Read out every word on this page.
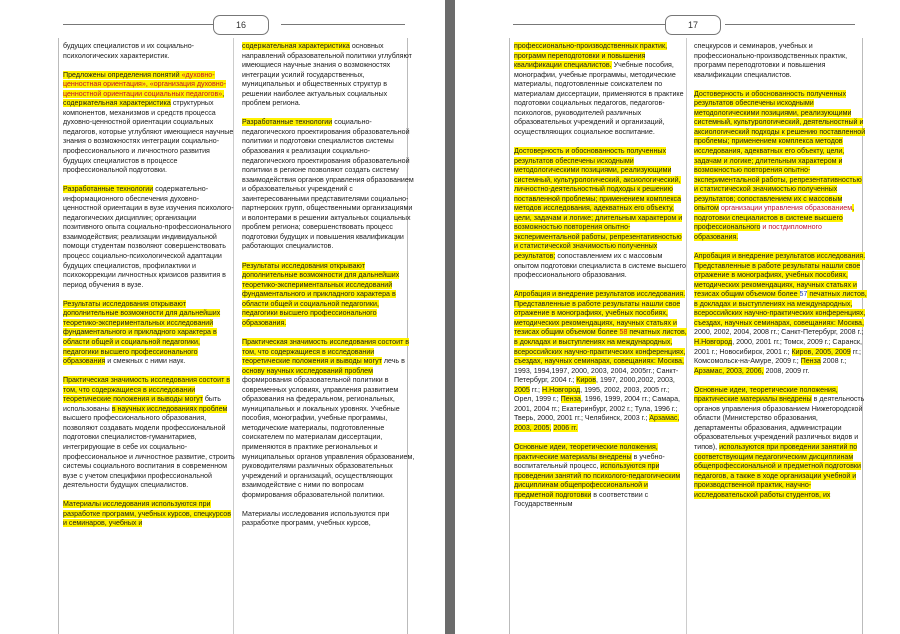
16

будущих специалистов и их социально-психологических характеристик.

Предложены определения понятий «духовно-ценностная ориентация», «организация духовно-ценностной ориентации социальных педагогов», содержательная характеристика структурных компонентов, механизмов и средств процесса духовно-ценностной ориентации социальных педагогов, которые углубляют имеющиеся научные знания о возможностях интеграции социально-профессионального и личностного развития будущих специалистов в процессе профессиональной подготовки.

Разработанные технологии содержательно-информационного обеспечения духовно-ценностной ориентации в вузе изучения психолого-педагогических дисциплин; организации позитивного опыта социально-профессионального взаимодействия; реализации индивидуальной помощи студентам позволяют совершенствовать процесс социально-психологической адаптации будущих специалистов, профилактики и психокоррекции личностных кризисов развития в период обучения в вузе.

Результаты исследования открывают дополнительные возможности для дальнейших теоретико-экспериментальных исследований фундаментального и прикладного характера в области общей и социальной педагогики, педагогики высшего профессионального образования и смежных с ними наук.

Практическая значимость исследования состоит в том, что содержащиеся в исследовании теоретические положения и выводы могут быть использованы в научных исследованиях проблем высшего профессионального образования, позволяют создавать модели профессиональной подготовки специалистов-гуманитариев, интегрирующие в себе их социально-профессиональное и личностное развитие, строить системы социального воспитания в современном вузе с учетом специфики профессиональной деятельности будущих специалистов.

Материалы исследования используются при разработке программ, учебных курсов, спецкурсов и семинаров, учебных и

содержательная характеристика основных направлений образовательной политики углубляют имеющиеся научные знания о возможностях интеграции усилий государственных, муниципальных и общественных структур в решении наиболее актуальных социальных проблем региона.

Разработанные технологии социально-педагогического проектирования образовательной политики и подготовки специалистов системы образования к реализации социально-педагогического проектирования образовательной политики в регионе позволяют создать систему взаимодействия органов управления образованием и образовательных учреждений с заинтересованными представителями социально-партнерских групп, общественными организациями и волонтерами в решении актуальных социальных проблем региона; совершенствовать процесс подготовки будущих и повышения квалификации работающих специалистов.

Результаты исследования открывают дополнительные возможности для дальнейших теоретико-экспериментальных исследований фундаментального и прикладного характера в области общей и социальной педагогики, педагогики высшего профессионального образования.

Практическая значимость исследования состоит в том, что содержащиеся в исследовании теоретические положения и выводы могут лечь в основу научных исследований проблем формирования образовательной политики в современных условиях, управления развитием образования на федеральном, региональных, муниципальных и локальных уровнях. Учебные пособия, монографии, учебные программы, методические материалы, подготовленные соискателем по материалам диссертации, применяются в практике региональных и муниципальных органов управления образованием, руководителями различных образовательных учреждений и организаций, осуществляющих взаимодействие с ними по вопросам формирования образовательной политики.

Материалы исследования используются при разработке программ, учебных курсов,

17

профессионально-производственных практик, программ переподготовки и повышения квалификации специалистов. Учебные пособия, монографии, учебные программы, методические материалы, подготовленные соискателем по материалам диссертации, применяются в практике подготовки социальных педагогов, педагогов-психологов, руководителей различных образовательных учреждений и организаций, осуществляющих социальное воспитание.

Достоверность и обоснованность полученных результатов обеспечены исходными методологическими позициями, реализующими системный, культурологический, аксиологический, личностно-деятельностный подходы к решению поставленной проблемы; применением комплекса методов исследования, адекватных его объекту, цели, задачам и логике; длительным характером и возможностью повторения опытно-экспериментальной работы, репрезентативностью и статистической значимостью полученных результатов; сопоставлением их с массовым опытом подготовки специалиста в системе высшего профессионального образования.

Апробация и внедрение результатов исследования. Представленные в работе результаты нашли свое отражение в монографиях, учебных пособиях, методических рекомендациях, научных статьях и тезисах общим объемом более 58 печатных листов, в докладах и выступлениях на международных, всероссийских научно-практических конференциях, съездах, научных семинарах, совещаниях: Москва, 1993, 1994,1997, 2000, 2003, 2004, 2005гг.; Санкт-Петербург, 2004 г.; Киров, 1997, 2000,2002, 2003, 2005 гг.; Н.Новгород, 1995, 2002, 2003, 2005 гг.; Орел, 1999 г.; Пенза, 1996, 1999, 2004 гг.; Самара, 2001, 2004 гг.; Екатеринбург, 2002 г.; Тула, 1996 г.; Тверь, 2000, 2001 гг.; Челябинск, 2003 г.; Арзамас, 2003, 2005, 2006 гг.

Основные идеи, теоретические положения, практические материалы внедрены в учебно-воспитательный процесс, используются при проведении занятий по психолого-педагогическим дисциплинам общепрофессиональной и предметной подготовки в соответствии с Государственным

спецкурсов и семинаров, учебных и профессионально-производственных практик, программ переподготовки и повышения квалификации специалистов.

Достоверность и обоснованность полученных результатов обеспечены исходными методологическими позициями, реализующими системный, культурологический, деятельностный и аксиологический подходы к решению поставленной проблемы; применением комплекса методов исследования, адекватных его объекту, цели, задачам и логике; длительным характером и возможностью повторения опытно-экспериментальной работы, репрезентативностью и статистической значимостью полученных результатов; сопоставлением их с массовым опытом организации управления образованием, подготовки специалистов в системе высшего профессионального и постдипломного образования.

Апробация и внедрение результатов исследования. Представленные в работе результаты нашли свое отражение в монографиях, учебных пособиях, методических рекомендациях, научных статьях и тезисах общим объемом более 57 печатных листов, в докладах и выступлениях на международных, всероссийских научно-практических конференциях, съездах, научных семинарах, совещаниях: Москва, 2000, 2002, 2004, 2008 гг.; Санкт-Петербург, 2008 г.; Н.Новгород, 2000, 2001 гг.; Томск, 2009 г.; Саранск, 2001 г.; Новосибирск, 2001 г.; Киров, 2005, 2009 гг.; Комсомольск-на-Амуре, 2009 г.; Пенза 2008 г.; Арзамас, 2003, 2006, 2008, 2009 гг.

Основные идеи, теоретические положения, практические материалы внедрены в деятельность органов управления образованием Нижегородской области (Министерство образования, департаменты образования, администрации образовательных учреждений различных видов и типов), используются при проведении занятий по соответствующим педагогическим дисциплинам общепрофессиональной и предметной подготовки педагогов, а также в ходе организации учебной и производственной практик, научно-исследовательской работы студентов, их
